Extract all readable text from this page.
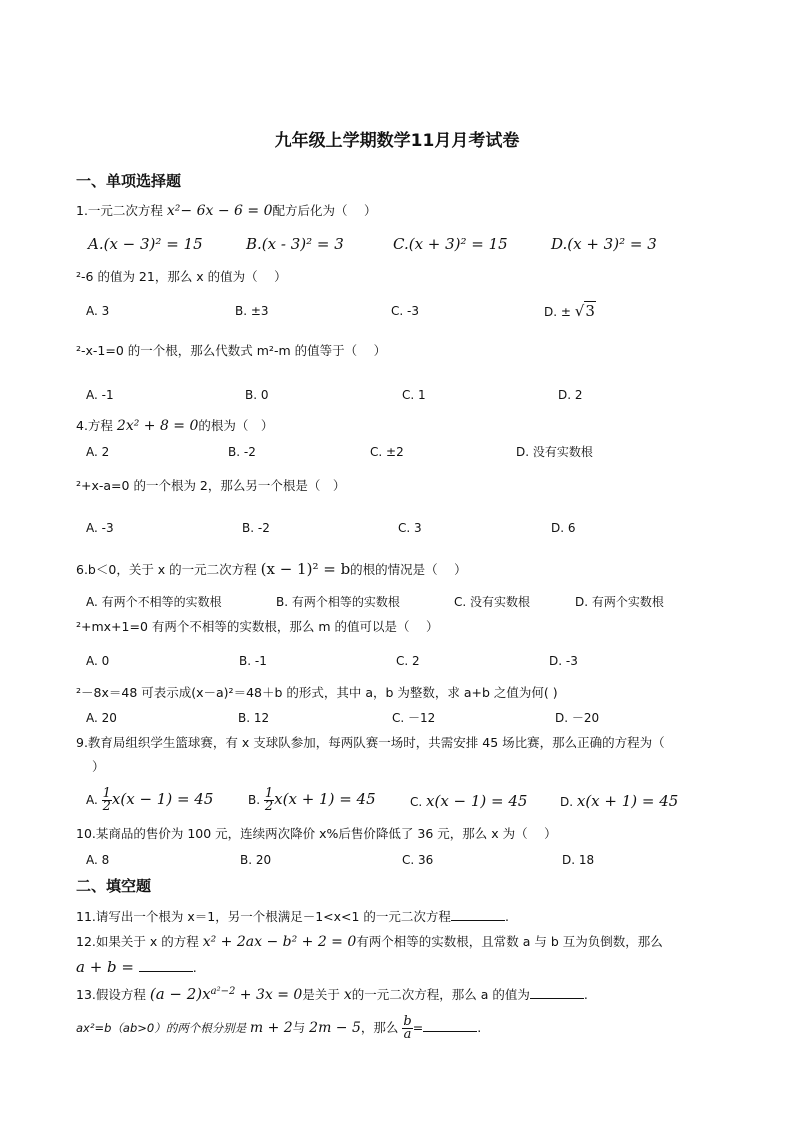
九年级上学期数学11月月考试卷
一、单项选择题
1.一元二次方程 x²− 6x − 6 = 0配方后化为（　 ）
A.(x − 3)² = 15	B.(x - 3)² = 3	C.(x + 3)² = 15	D.(x + 3)² = 3
²-6 的值为 21，那么 x 的值为（　 ）
A. 3	B. ±3	C. -3	D. ± √3
²-x-1=0 的一个根，那么代数式 m²-m 的值等于（　 ）
A. -1	B. 0	C. 1	D. 2
4.方程 2x² + 8 = 0的根为（　）
A. 2	B. -2	C. ±2	D. 没有实数根
²+x-a=0 的一个根为 2，那么另一个根是（　）
A. -3	B. -2	C. 3	D. 6
6.b＜0，关于 x 的一元二次方程 (x − 1)² = b的根的情况是（　 ）
A. 有两个不相等的实数根	B. 有两个相等的实数根	C. 没有实数根	D. 有两个实数根
²+mx+1=0 有两个不相等的实数根，那么 m 的值可以是（　 ）
A. 0	B. -1	C. 2	D. -3
²－8x＝48 可表示成(x－a)²＝48＋b 的形式，其中 a，b 为整数，求 a+b 之值为何( )
A. 20	B. 12	C. －12	D. －20
9.教育局组织学生篮球赛，有 x 支球队参加，每两队赛一场时，共需安排 45 场比赛，那么正确的方程为（
）
A. $\frac{1}{2} x(x - 1) = 45$	B. $\frac{1}{2} x(x + 1) = 45$	C. x(x − 1) = 45	D. x(x + 1) = 45
10.某商品的售价为 100 元，连续两次降价 x%后售价降低了 36 元，那么 x 为（　 ）
A. 8	B. 20	C. 36	D. 18
二、填空题
11.请写出一个根为 x＝1，另一个根满足－1<x<1 的一元二次方程	.
12.如果关于 x 的方程 x² + 2ax − b² + 2 = 0有两个相等的实数根，且常数 a 与 b 互为负倒数，那么
a + b =	.
13.假设方程 $(a - 2)x^{a^2-2} + 3x = 0$是关于 x的一元二次方程，那么 a 的值为	.
ax²=b（ab>0）的两个根分别是 m + 2与 2m − 5，那么 $\frac{b}{a}$ =	.
